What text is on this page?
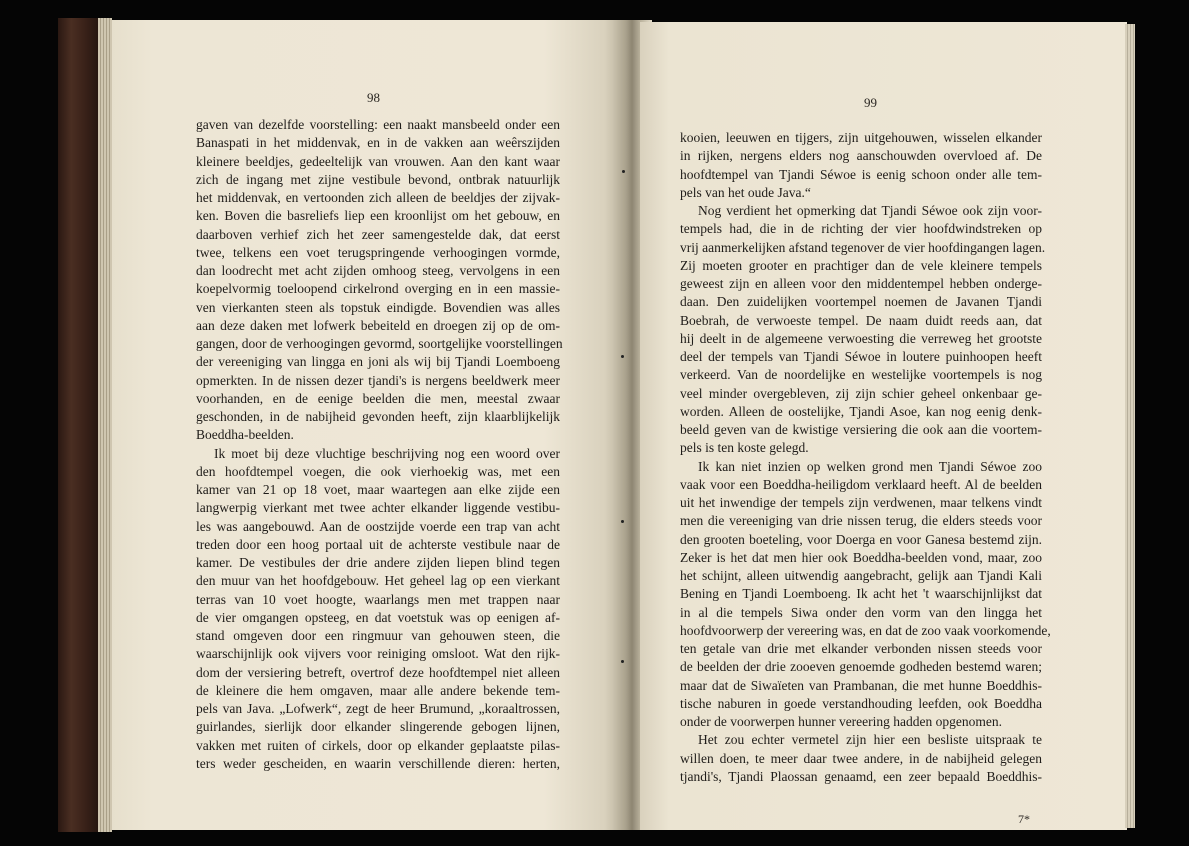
98
gaven van dezelfde voorstelling: een naakt mansbeeld onder een
Banaspati in het middenvak, en in de vakken aan weêrszijden
kleinere beeldjes, gedeeltelijk van vrouwen. Aan den kant waar
zich de ingang met zijne vestibule bevond, ontbrak natuurlijk
het middenvak, en vertoonden zich alleen de beeldjes der zijvak-
ken. Boven die basreliefs liep een kroonlijst om het gebouw, en
daarboven verhief zich het zeer samengestelde dak, dat eerst
twee, telkens een voet terugspringende verhoogingen vormde,
dan loodrecht met acht zijden omhoog steeg, vervolgens in een
koepelvormig toeloopend cirkelrond overging en in een massie-
ven vierkanten steen als topstuk eindigde. Bovendien was alles
aan deze daken met lofwerk bebeiteld en droegen zij op de om-
gangen, door de verhoogingen gevormd, soortgelijke voorstellingen
der vereeniging van lingga en joni als wij bij Tjandi Loemboeng
opmerkten. In de nissen dezer tjandi's is nergens beeldwerk meer
voorhanden, en de eenige beelden die men, meestal zwaar
geschonden, in de nabijheid gevonden heeft, zijn klaarblijkelijk
Boeddha-beelden.
Ik moet bij deze vluchtige beschrijving nog een woord over
den hoofdtempel voegen, die ook vierhoekig was, met een
kamer van 21 op 18 voet, maar waartegen aan elke zijde een
langwerpig vierkant met twee achter elkander liggende vestibu-
les was aangebouwd. Aan de oostzijde voerde een trap van acht
treden door een hoog portaal uit de achterste vestibule naar de
kamer. De vestibules der drie andere zijden liepen blind tegen
den muur van het hoofdgebouw. Het geheel lag op een vierkant
terras van 10 voet hoogte, waarlangs men met trappen naar
de vier omgangen opsteeg, en dat voetstuk was op eenigen af-
stand omgeven door een ringmuur van gehouwen steen, die
waarschijnlijk ook vijvers voor reiniging omsloot. Wat den rijk-
dom der versiering betreft, overtrof deze hoofdtempel niet alleen
de kleinere die hem omgaven, maar alle andere bekende tem-
pels van Java. „Lofwerk“, zegt de heer Brumund, „koraaltrossen,
guirlandes, sierlijk door elkander slingerende gebogen lijnen,
vakken met ruiten of cirkels, door op elkander geplaatste pilas-
ters weder gescheiden, en waarin verschillende dieren: herten,
99
kooien, leeuwen en tijgers, zijn uitgehouwen, wisselen elkander
in rijken, nergens elders nog aanschouwden overvloed af. De
hoofdtempel van Tjandi Séwoe is eenig schoon onder alle tem-
pels van het oude Java.“
Nog verdient het opmerking dat Tjandi Séwoe ook zijn voor-
tempels had, die in de richting der vier hoofdwindstreken op
vrij aanmerkelijken afstand tegenover de vier hoofdingangen lagen.
Zij moeten grooter en prachtiger dan de vele kleinere tempels
geweest zijn en alleen voor den middentempel hebben onderge-
daan. Den zuidelijken voortempel noemen de Javanen Tjandi
Boebrah, de verwoeste tempel. De naam duidt reeds aan, dat
hij deelt in de algemeene verwoesting die verreweg het grootste
deel der tempels van Tjandi Séwoe in loutere puinhoopen heeft
verkeerd. Van de noordelijke en westelijke voortempels is nog
veel minder overgebleven, zij zijn schier geheel onkenbaar ge-
worden. Alleen de oostelijke, Tjandi Asoe, kan nog eenig denk-
beeld geven van de kwistige versiering die ook aan die voortem-
pels is ten koste gelegd.
Ik kan niet inzien op welken grond men Tjandi Séwoe zoo
vaak voor een Boeddha-heiligdom verklaard heeft. Al de beelden
uit het inwendige der tempels zijn verdwenen, maar telkens vindt
men die vereeniging van drie nissen terug, die elders steeds voor
den grooten boeteling, voor Doerga en voor Ganesa bestemd zijn.
Zeker is het dat men hier ook Boeddha-beelden vond, maar, zoo
het schijnt, alleen uitwendig aangebracht, gelijk aan Tjandi Kali
Bening en Tjandi Loemboeng. Ik acht het 't waarschijnlijkst dat
in al die tempels Siwa onder den vorm van den lingga het
hoofdvoorwerp der vereering was, en dat de zoo vaak voorkomende,
ten getale van drie met elkander verbonden nissen steeds voor
de beelden der drie zooeven genoemde godheden bestemd waren;
maar dat de Siwaïeten van Prambanan, die met hunne Boeddhis-
tische naburen in goede verstandhouding leefden, ook Boeddha
onder de voorwerpen hunner vereering hadden opgenomen.
Het zou echter vermetel zijn hier een besliste uitspraak te
willen doen, te meer daar twee andere, in de nabijheid gelegen
tjandi's, Tjandi Plaossan genaamd, een zeer bepaald Boeddhis-
7*
